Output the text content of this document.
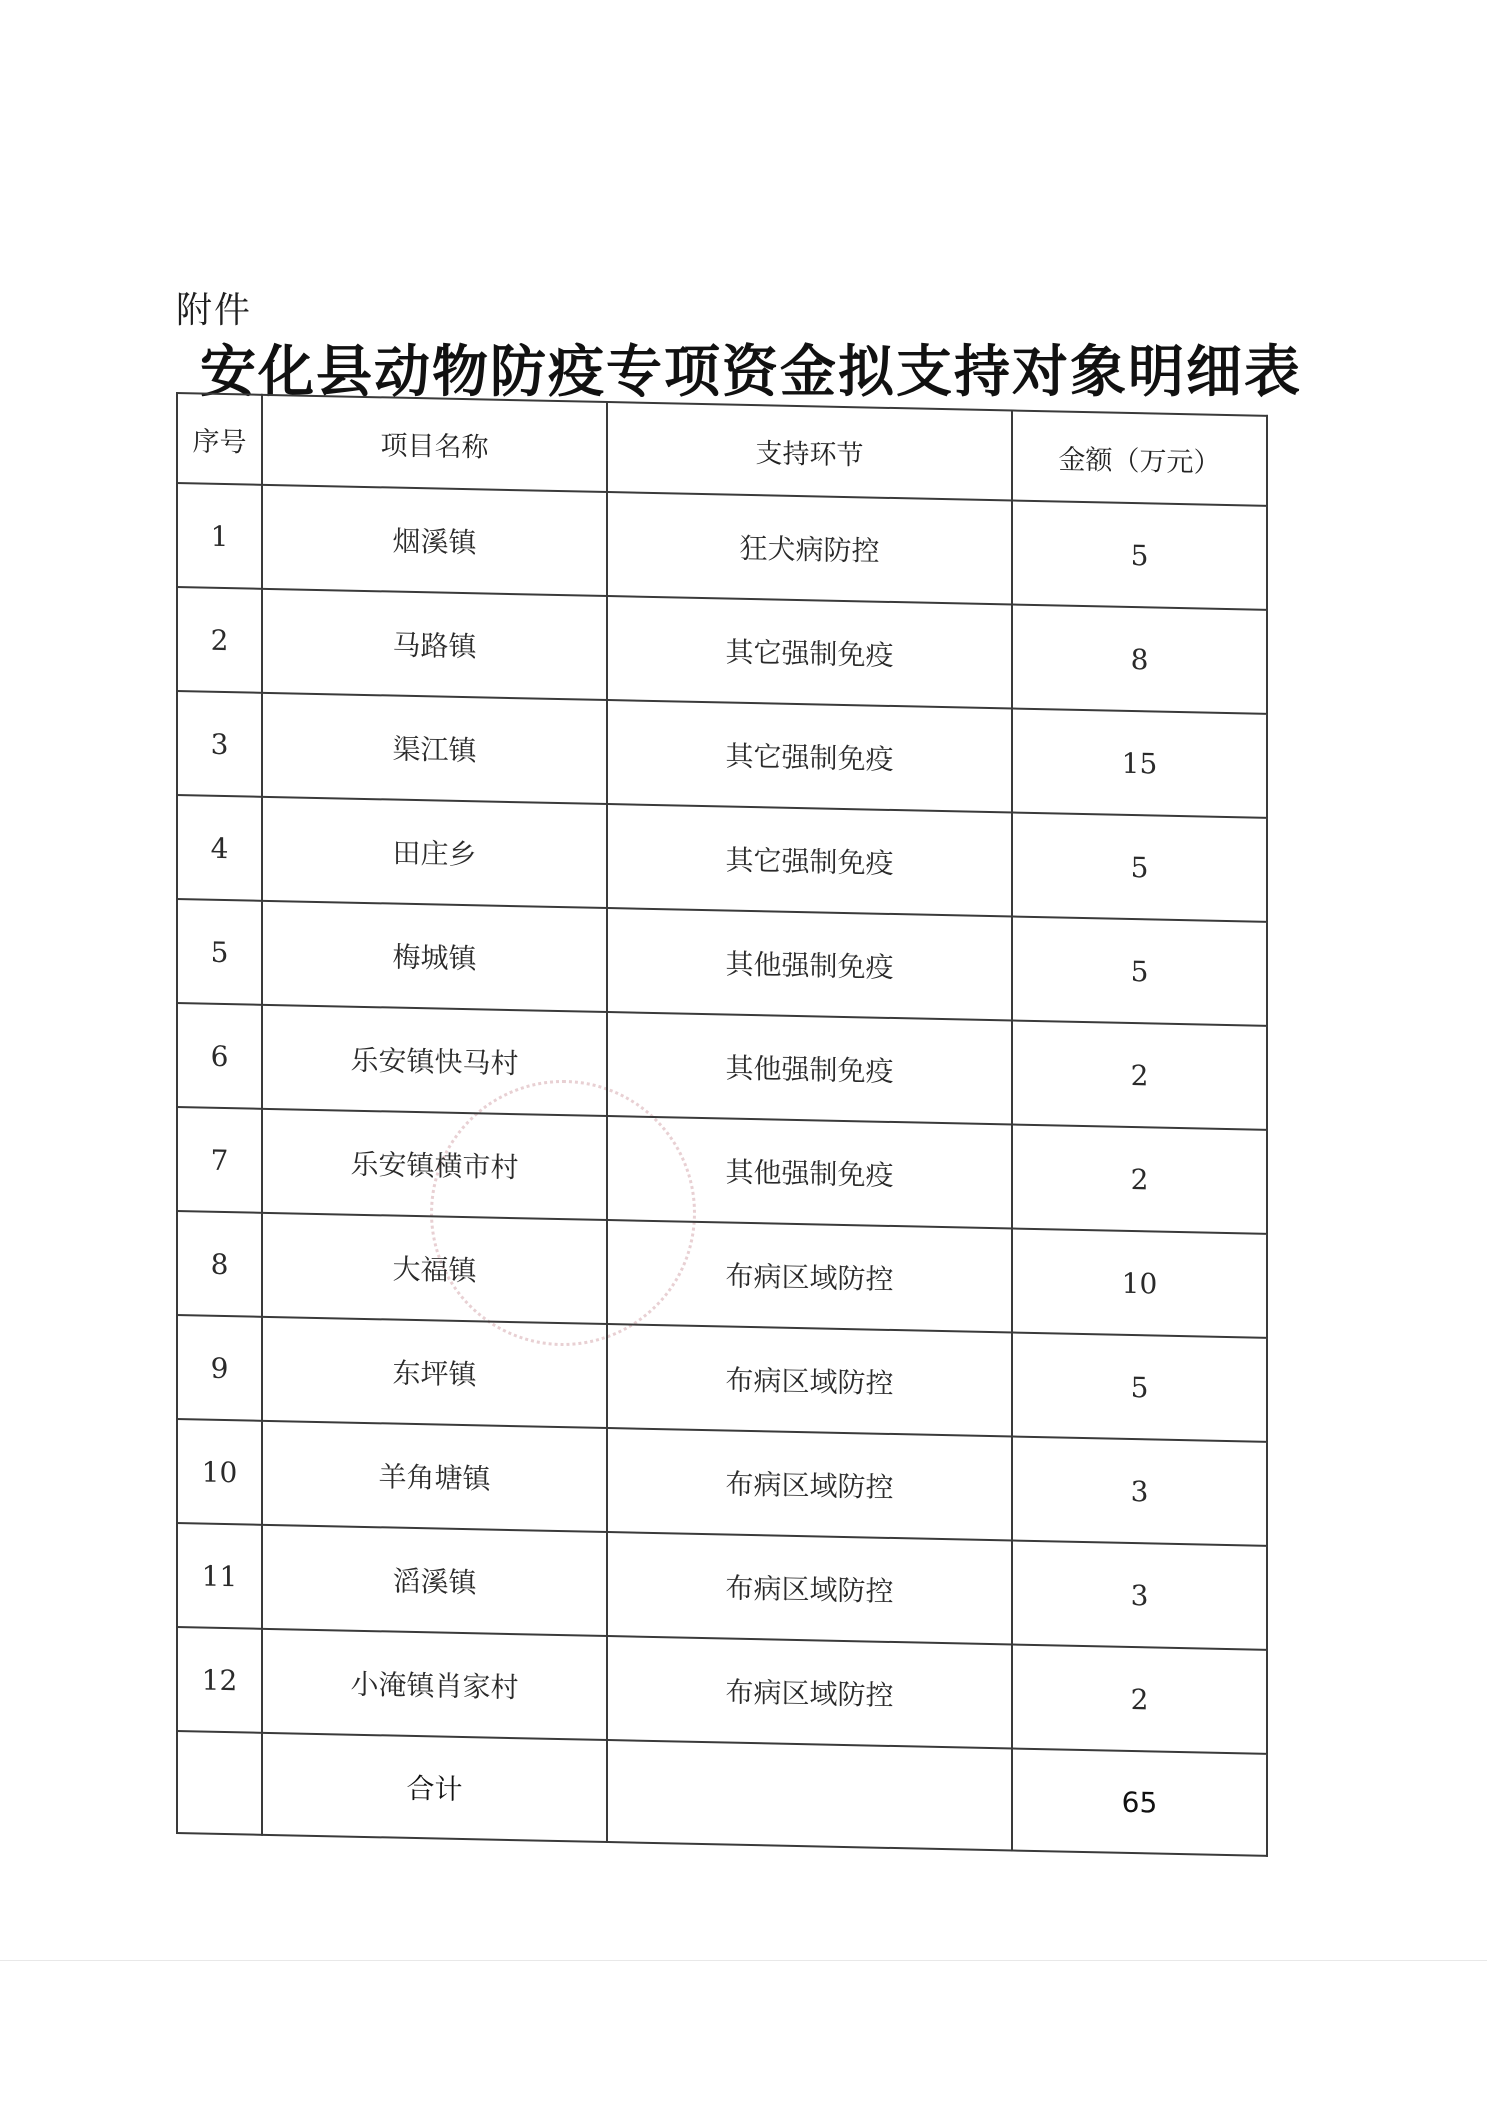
附件
安化县动物防疫专项资金拟支持对象明细表
序号	项目名称	支持环节	金额（万元）
1	烟溪镇	狂犬病防控	5
2	马路镇	其它强制免疫	8
3	渠江镇	其它强制免疫	15
4	田庄乡	其它强制免疫	5
5	梅城镇	其他强制免疫	5
6	乐安镇快马村	其他强制免疫	2
7	乐安镇横市村	其他强制免疫	2
8	大福镇	布病区域防控	10
9	东坪镇	布病区域防控	5
10	羊角塘镇	布病区域防控	3
11	滔溪镇	布病区域防控	3
12	小淹镇肖家村	布病区域防控	2
	合计		65
